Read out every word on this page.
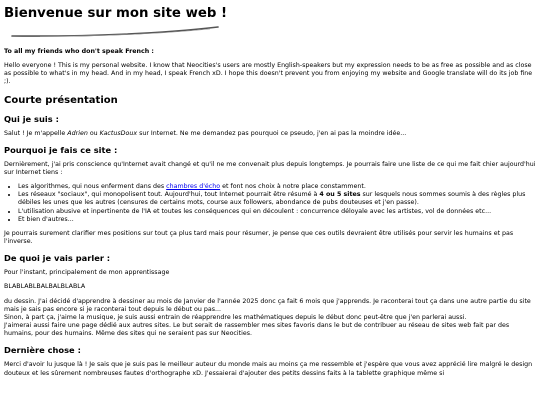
Bienvenue sur mon site web !
To all my friends who don't speak French :

Hello everyone ! This is my personal website. I know that Neocities's users are mostly English-speakers but my expression needs to be as free as possible and as close as possible to what's in my head. And in my head, I speak French xD. I hope this doesn't prevent you from enjoying my website and Google translate will do its job fine ;).

Courte présentation
Qui je suis :

Salut ! Je m'appelle Adrien ou KactusDoux sur Internet. Ne me demandez pas pourquoi ce pseudo, j'en ai pas la moindre idée...

Pourquoi je fais ce site :

Dernièrement, j'ai pris conscience qu'Internet avait changé et qu'il ne me convenait plus depuis longtemps. Je pourrais faire une liste de ce qui me fait chier aujourd'hui sur Internet tiens :

• Les algorithmes, qui nous enferment dans des chambres d'écho et font nos choix à notre place constamment.
• Les réseaux "sociaux", qui monopolisent tout. Aujourd'hui, tout Internet pourrait être résumé à 4 ou 5 sites sur lesquels nous sommes soumis à des règles plus débiles les unes que les autres (censures de certains mots, course aux followers, abondance de pubs douteuses et j'en passe).
• L'utilisation abusive et inpertinente de l'IA et toutes les conséquences qui en découlent : concurrence déloyale avec les artistes, vol de données etc...
• Et bien d'autres...

Je pourrais surement clarifier mes positions sur tout ça plus tard mais pour résumer, je pense que ces outils devraient être utilisés pour servir les humains et pas l'inverse.

De quoi je vais parler :

Pour l'instant, principalement de mon apprentissage

BLABLABLBALBALBLABLA

du dessin. J'ai décidé d'apprendre à dessiner au mois de Janvier de l'année 2025 donc ça fait 6 mois que j'apprends. Je raconterai tout ça dans une autre partie du site mais je sais pas encore si je raconterai tout depuis le début ou pas...
Sinon, à part ça, j'aime la musique, je suis aussi entrain de réapprendre les mathématiques depuis le début donc peut-être que j'en parlerai aussi.
J'aimerai aussi faire une page dédié aux autres sites. Le but serait de rassembler mes sites favoris dans le but de contribuer au réseau de sites web fait par des humains, pour des humains. Même des sites qui ne seraient pas sur Neocities.

Dernière chose :

Merci d'avoir lu jusque là ! Je sais que je suis pas le meilleur auteur du monde mais au moins ça me ressemble et j'espère que vous avez apprécié lire malgré le design douteux et les sûrement nombreuses fautes d'orthographe xD. J'essaierai d'ajouter des petits dessins faits à la tablette graphique même si
